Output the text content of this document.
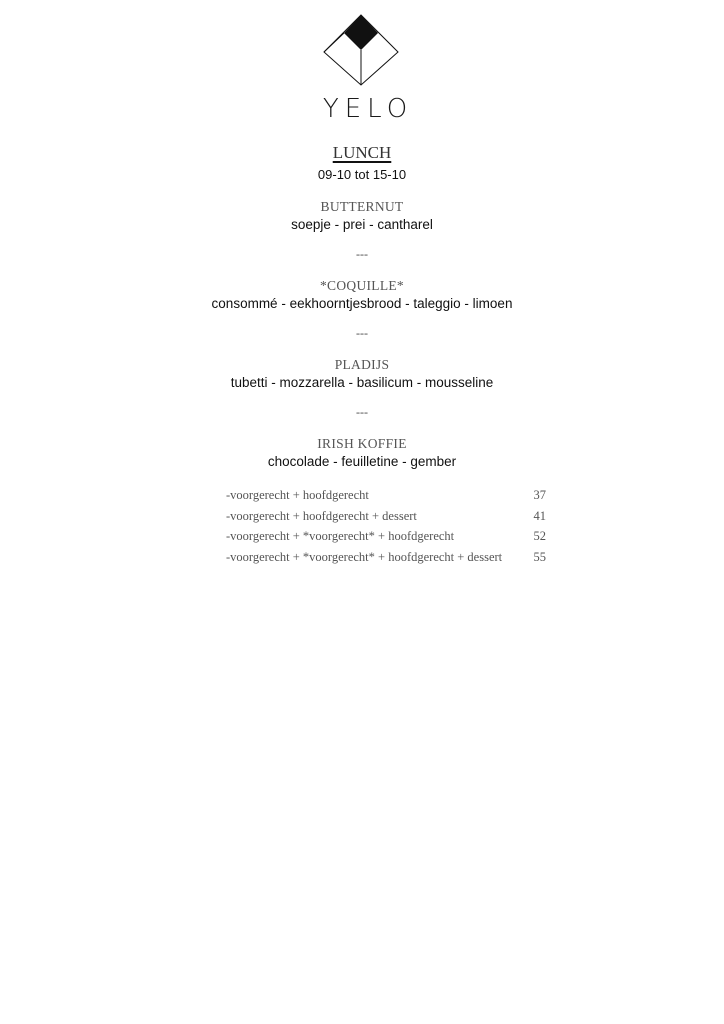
YELO
LUNCH
09-10 tot 15-10
BUTTERNUT
soepje - prei - cantharel
---
*COQUILLE*
consommé - eekhoorntjesbrood - taleggio - limoen
---
PLADIJS
tubetti - mozzarella - basilicum - mousseline
---
IRISH KOFFIE
chocolade - feuilletine - gember
-voorgerecht + hoofdgerecht	37
-voorgerecht + hoofdgerecht + dessert	41
-voorgerecht + *voorgerecht* + hoofdgerecht	52
-voorgerecht + *voorgerecht* + hoofdgerecht + dessert	55
